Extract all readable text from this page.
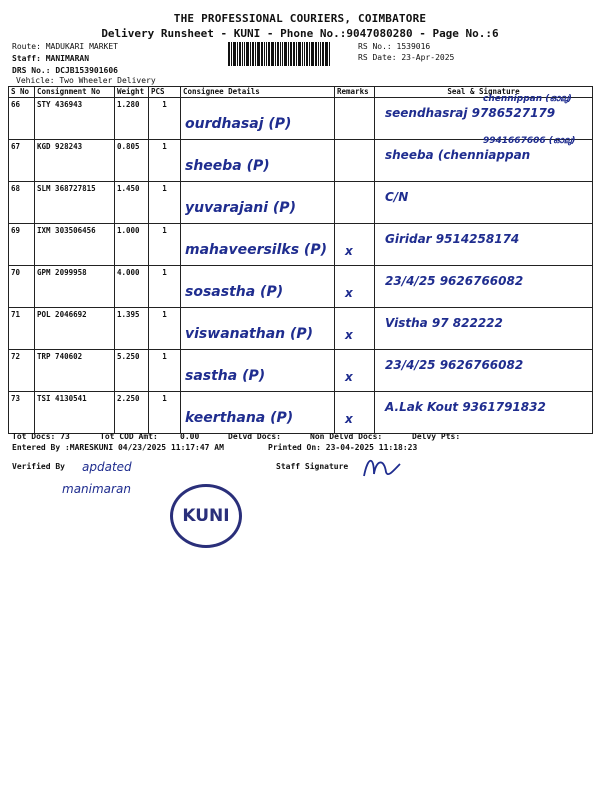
THE PROFESSIONAL COURIERS, COIMBATORE
Delivery Runsheet - KUNI - Phone No.:9047080280 - Page No.:6
Route: MADUKARI MARKET
Staff: MANIMARAN
DRS No.: DCJB153901606
Vehicle: Two Wheeler Delivery
RS No.: 1539016
RS Date: 23-Apr-2025
S No	Consignment No	Weight	PCS	Consignee Details	Remarks	Seal & Signature
66	STY 436943	1.280	1	ourdhasaj (P)		seendhasraj 9786527179
chennippan (ഓലു)

67	KGD 928243	0.805	1	sheeba (P)		sheeba (chenniappan
9941667606 (ഓലു)

68	SLM 368727815	1.450	1	yuvarajani (P)		C/N

69	IXM 303506456	1.000	1	mahaveersilks (P)	x	Giridar 9514258174

70	GPM 2099958	4.000	1	sosastha (P)	x	23/4/25 9626766082

71	POL 2046692	1.395	1	viswanathan (P)	x	Vistha 97 822222

72	TRP 740602	5.250	1	sastha (P)	x	23/4/25 9626766082

73	TSI 4130541	2.250	1	keerthana (P)	x	A.Lak Kout 9361791832
Tot Docs: 73	Tot COD Amt:	0.00	Delvd Docs:	Non Delvd Docs:	Delvy Pts:
Entered By :MARESKUNI 04/23/2025 11:17:47 AM	Printed On: 23-04-2025 11:18:23
Verified By	Staff Signature
apdated
manimaran
KUNI
